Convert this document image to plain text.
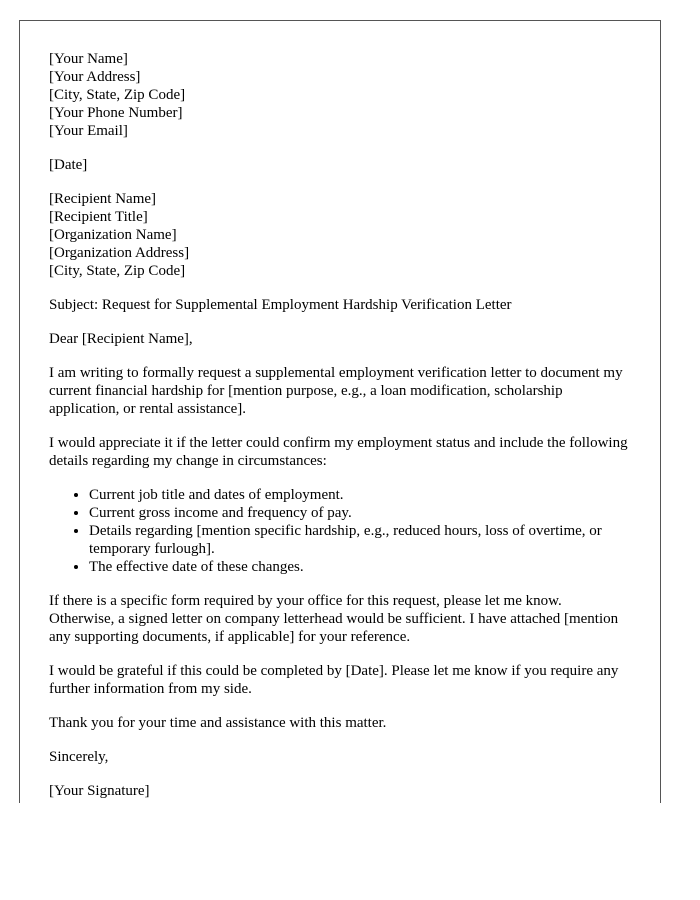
[Your Name]
[Your Address]
[City, State, Zip Code]
[Your Phone Number]
[Your Email]

[Date]

[Recipient Name]
[Recipient Title]
[Organization Name]
[Organization Address]
[City, State, Zip Code]

Subject: Request for Supplemental Employment Hardship Verification Letter

Dear [Recipient Name],

I am writing to formally request a supplemental employment verification letter to document my current financial hardship for [mention purpose, e.g., a loan modification, scholarship application, or rental assistance].

I would appreciate it if the letter could confirm my employment status and include the following details regarding my change in circumstances:

• Current job title and dates of employment.
• Current gross income and frequency of pay.
• Details regarding [mention specific hardship, e.g., reduced hours, loss of overtime, or temporary furlough].
• The effective date of these changes.

If there is a specific form required by your office for this request, please let me know. Otherwise, a signed letter on company letterhead would be sufficient. I have attached [mention any supporting documents, if applicable] for your reference.

I would be grateful if this could be completed by [Date]. Please let me know if you require any further information from my side.

Thank you for your time and assistance with this matter.

Sincerely,

[Your Signature]
